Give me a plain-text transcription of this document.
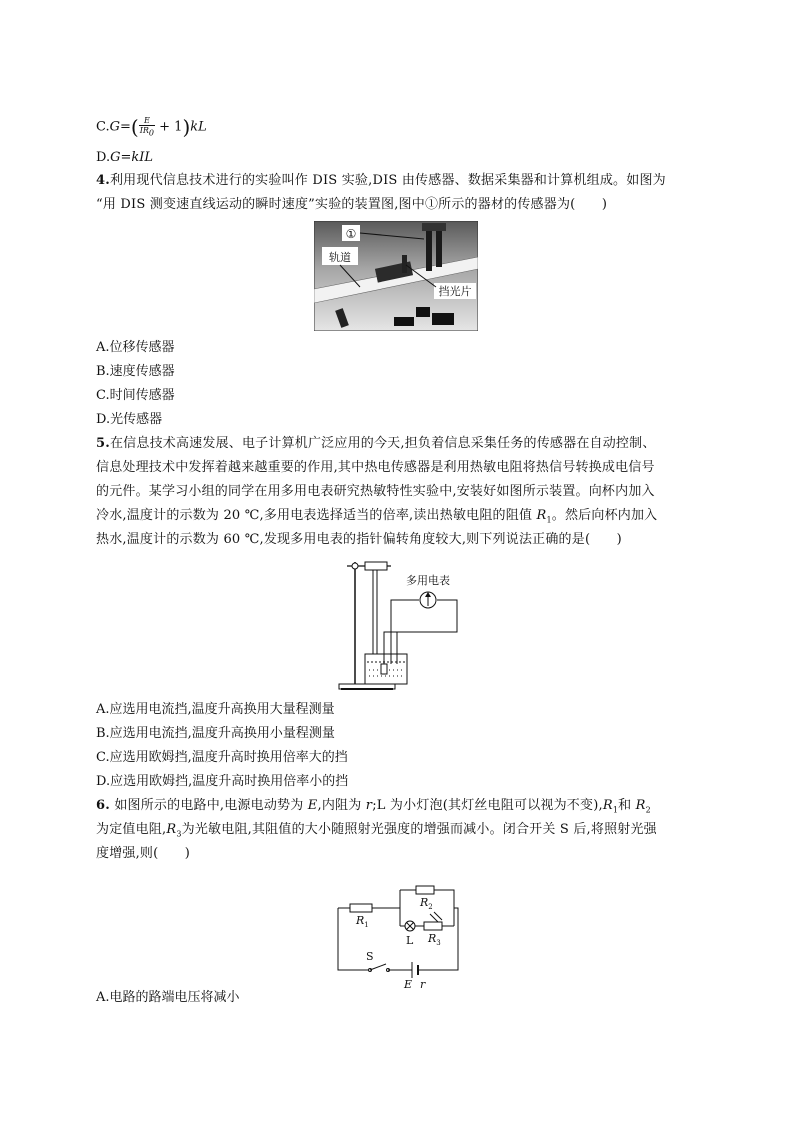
$C.G=( \frac{E}{IR_0} + 1)kL$
D.G=kIL
4.利用现代信息技术进行的实验叫作 DIS 实验,DIS 由传感器、数据采集器和计算机组成。如图为
“用 DIS 测变速直线运动的瞬时速度”实验的装置图,图中①所示的器材的传感器为(　　)
轨道
①
挡光片
A.位移传感器
B.速度传感器
C.时间传感器
D.光传感器
5.在信息技术高速发展、电子计算机广泛应用的今天,担负着信息采集任务的传感器在自动控制、
信息处理技术中发挥着越来越重要的作用,其中热电传感器是利用热敏电阻将热信号转换成电信号
的元件。某学习小组的同学在用多用电表研究热敏特性实验中,安装好如图所示装置。向杯内加入
冷水,温度计的示数为 20 ℃,多用电表选择适当的倍率,读出热敏电阻的阻值 $R_1$。然后向杯内加入
热水,温度计的示数为 60 ℃,发现多用电表的指针偏转角度较大,则下列说法正确的是(　　)
多用电表
A.应选用电流挡,温度升高换用大量程测量
B.应选用电流挡,温度升高换用小量程测量
C.应选用欧姆挡,温度升高时换用倍率大的挡
D.应选用欧姆挡,温度升高时换用倍率小的挡
6. 如图所示的电路中,电源电动势为 E,内阻为 r;L 为小灯泡(其灯丝电阻可以视为不变)$,R_1$和 $R_2$
为定值电阻$,R_3$为光敏电阻,其阻值的大小随照射光强度的增强而减小。闭合开关 S 后,将照射光强
度增强,则(　　)
$R_1$
$R_2$
L $R_3$
S
E r
A.电路的路端电压将减小
